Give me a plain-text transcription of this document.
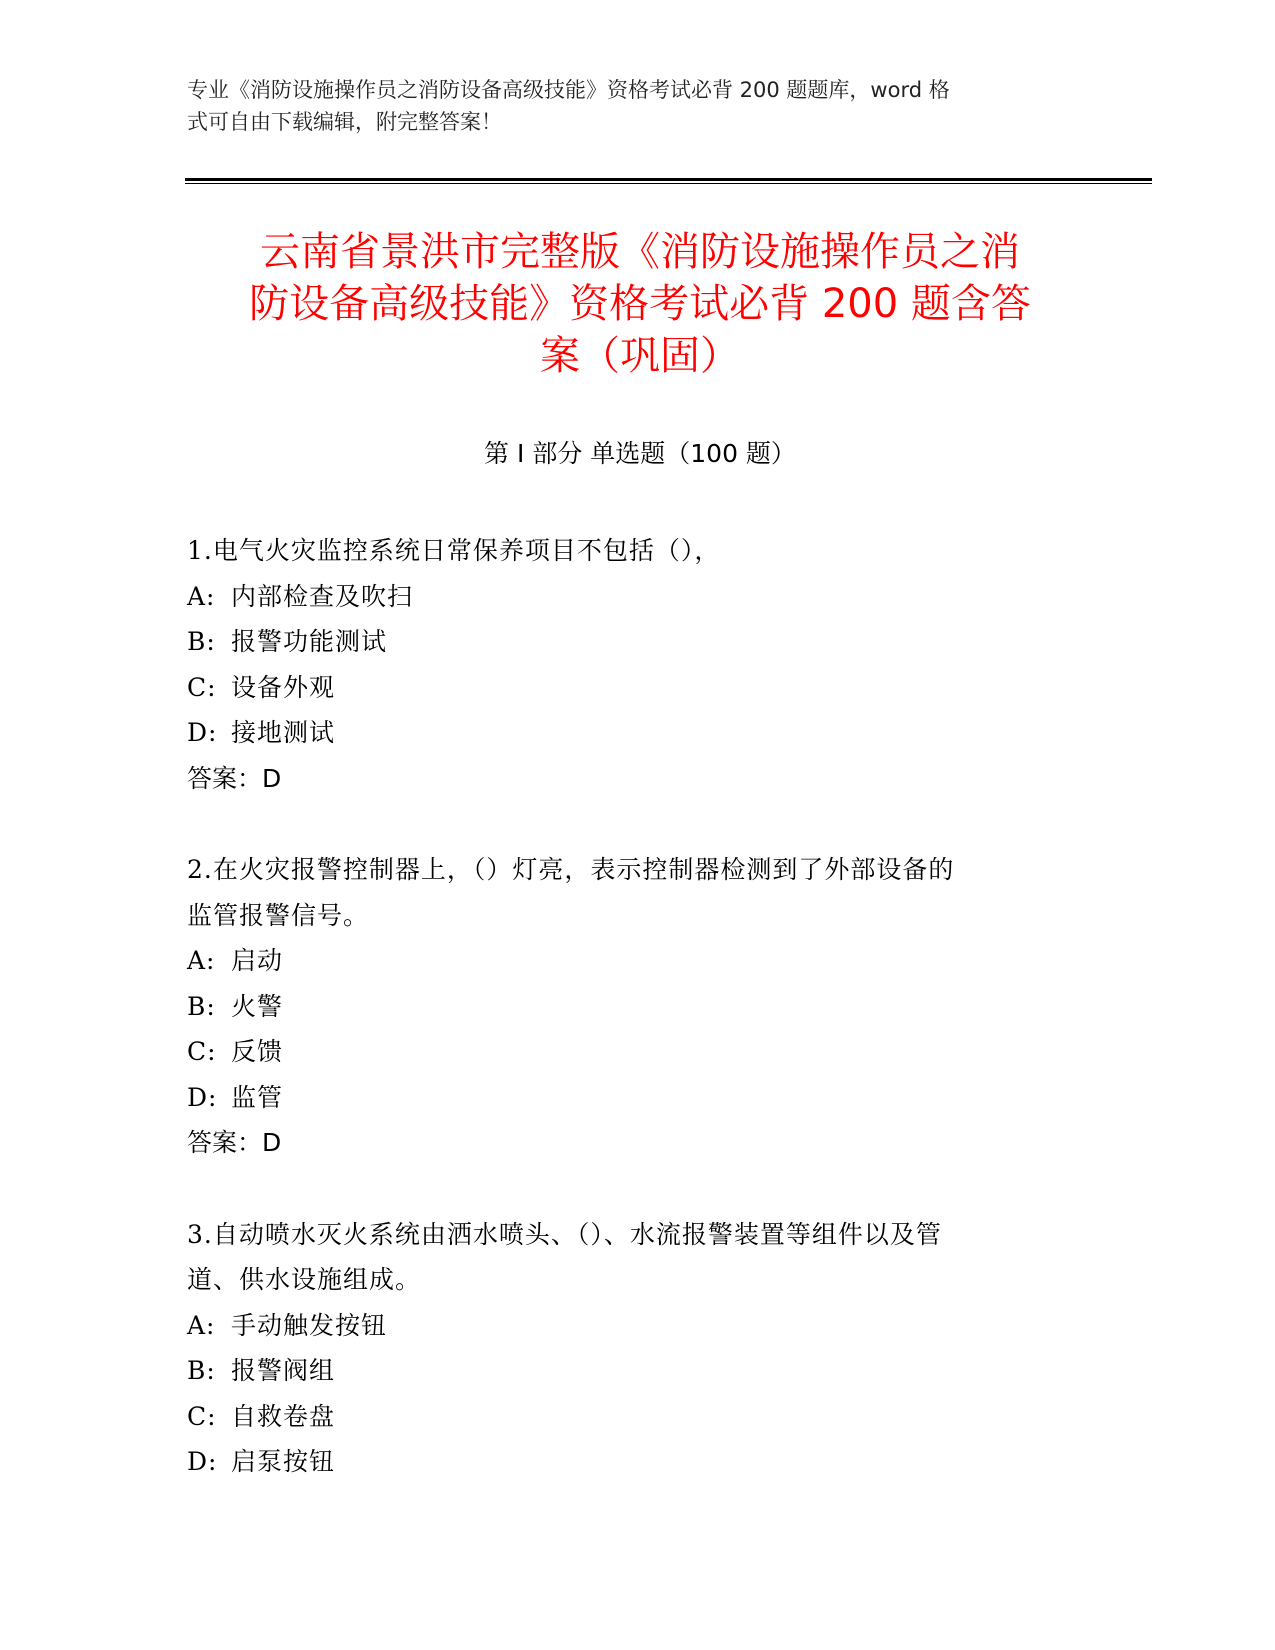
专业《消防设施操作员之消防设备高级技能》资格考试必背 200 题题库，word 格
式可自由下载编辑，附完整答案！
云南省景洪市完整版《消防设施操作员之消
防设备高级技能》资格考试必背 200 题含答
案（巩固）
第 I 部分 单选题（100 题）
1.电气火灾监控系统日常保养项目不包括（），
A: 内部检查及吹扫
B: 报警功能测试
C: 设备外观
D: 接地测试
答案：D
2.在火灾报警控制器上，（）灯亮，表示控制器检测到了外部设备的
监管报警信号。
A: 启动
B: 火警
C: 反馈
D: 监管
答案：D
3.自动喷水灭火系统由洒水喷头、（）、水流报警装置等组件以及管
道、供水设施组成。
A: 手动触发按钮
B: 报警阀组
C: 自救卷盘
D: 启泵按钮
